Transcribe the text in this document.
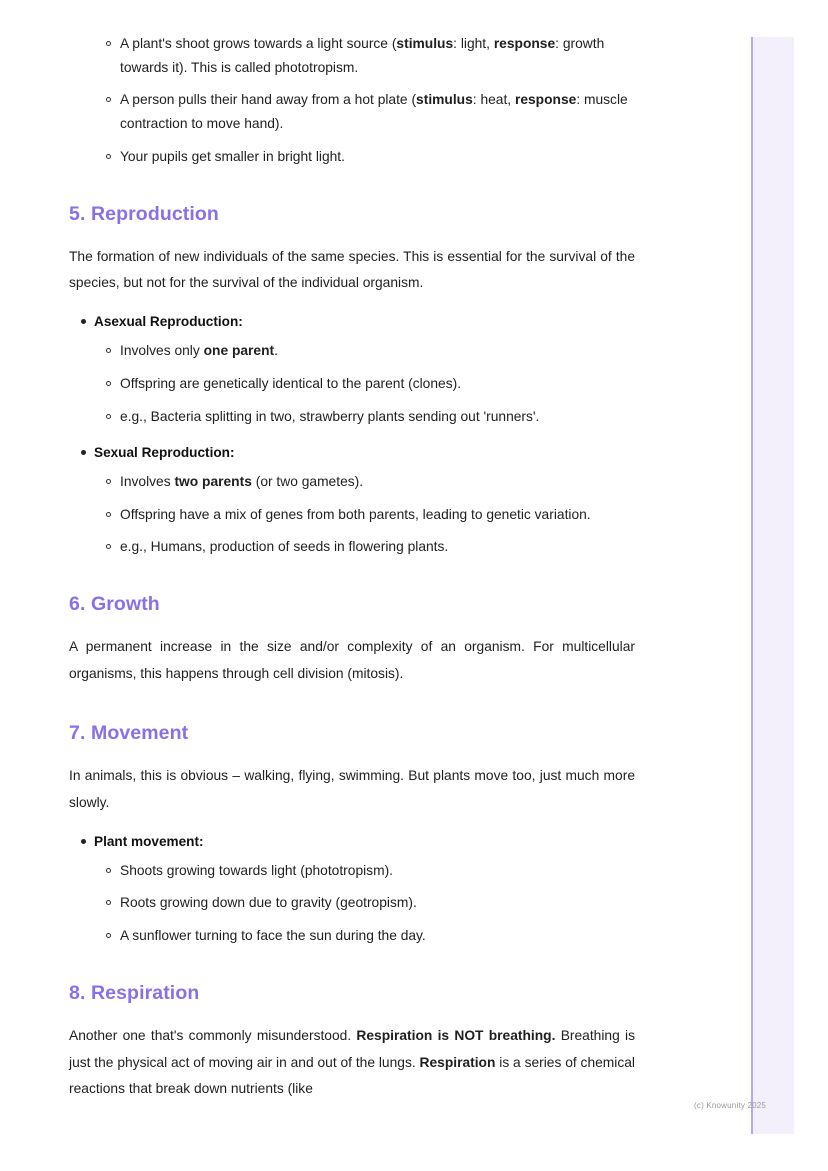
A plant's shoot grows towards a light source (stimulus: light, response: growth towards it). This is called phototropism.
A person pulls their hand away from a hot plate (stimulus: heat, response: muscle contraction to move hand).
Your pupils get smaller in bright light.
5. Reproduction

The formation of new individuals of the same species. This is essential for the survival of the species, but not for the survival of the individual organism.

Asexual Reproduction:
Involves only one parent.
Offspring are genetically identical to the parent (clones).
e.g., Bacteria splitting in two, strawberry plants sending out 'runners'.
Sexual Reproduction:
Involves two parents (or two gametes).
Offspring have a mix of genes from both parents, leading to genetic variation.
e.g., Humans, production of seeds in flowering plants.
6. Growth

A permanent increase in the size and/or complexity of an organism. For multicellular organisms, this happens through cell division (mitosis).

7. Movement

In animals, this is obvious – walking, flying, swimming. But plants move too, just much more slowly.

Plant movement:
Shoots growing towards light (phototropism).
Roots growing down due to gravity (geotropism).
A sunflower turning to face the sun during the day.
8. Respiration

Another one that's commonly misunderstood. Respiration is NOT breathing. Breathing is just the physical act of moving air in and out of the lungs. Respiration is a series of chemical reactions that break down nutrients (like

(c) Knowunity 2025
